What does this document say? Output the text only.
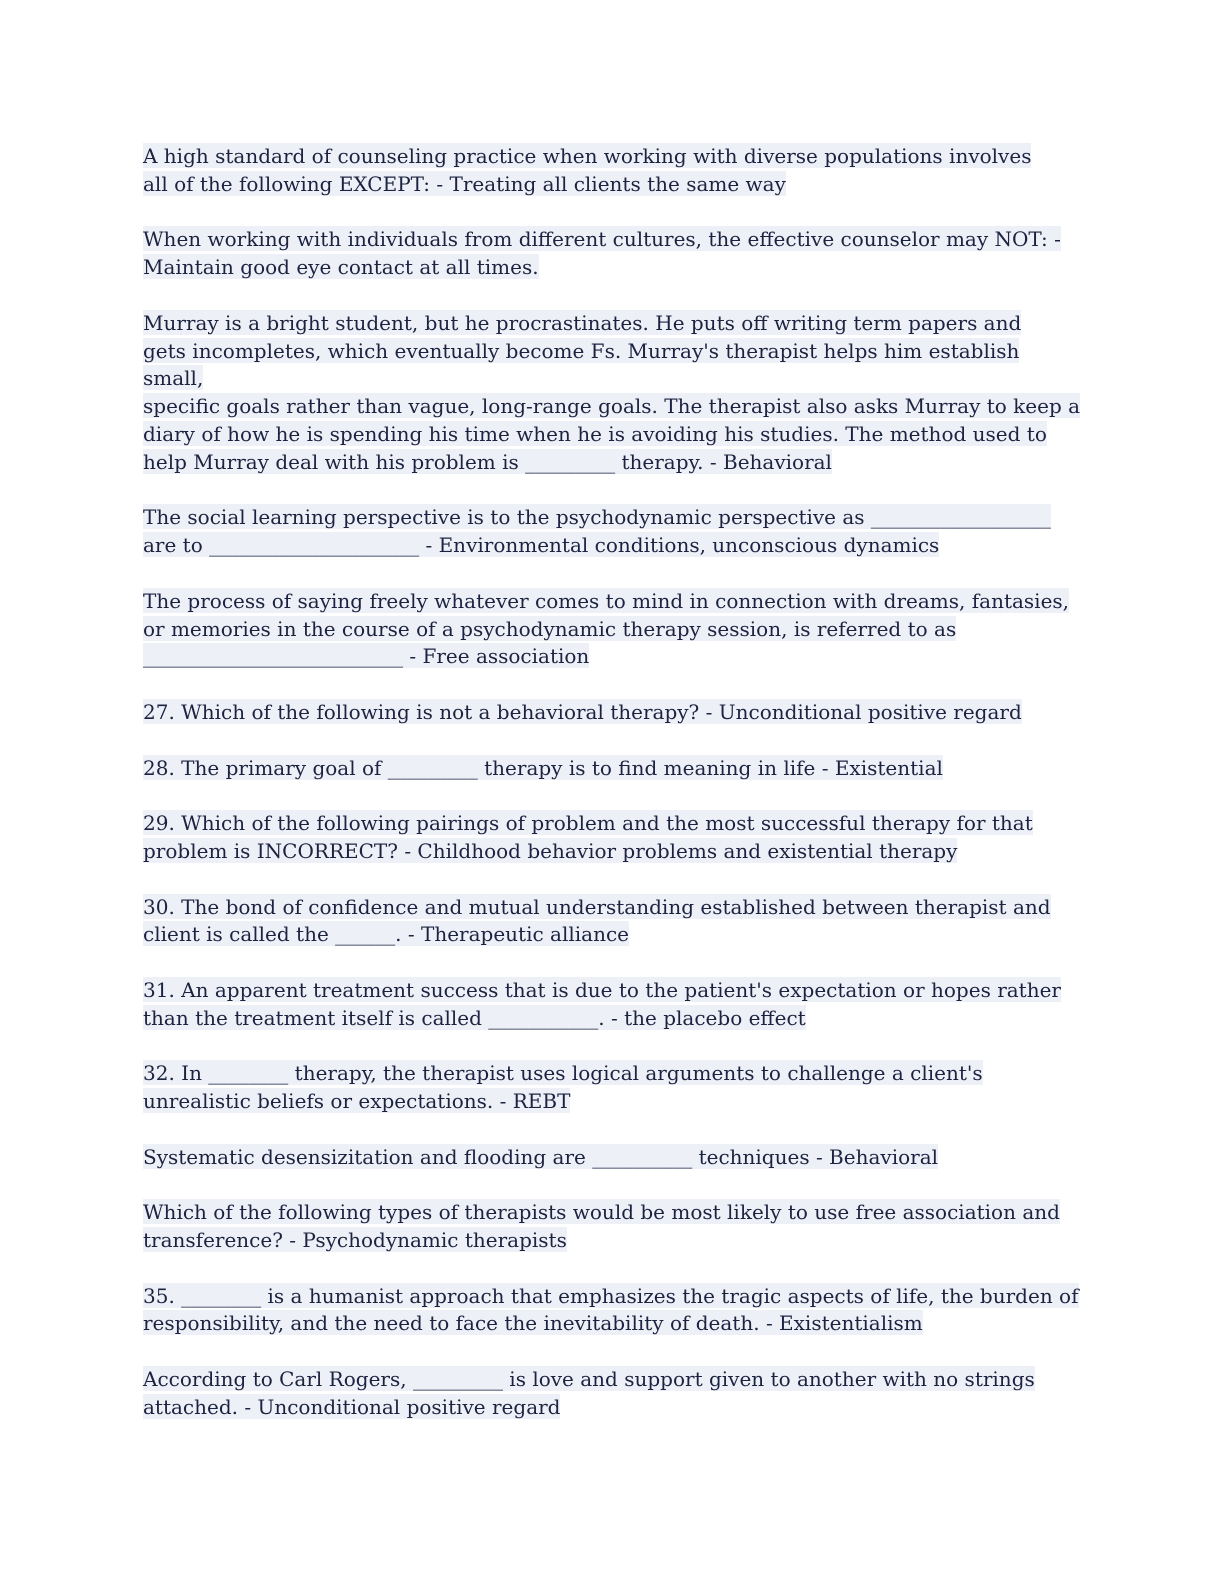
A high standard of counseling practice when working with diverse populations involves
all of the following EXCEPT: - Treating all clients the same way
When working with individuals from different cultures, the effective counselor may NOT: -
Maintain good eye contact at all times.
Murray is a bright student, but he procrastinates. He puts off writing term papers and
gets incompletes, which eventually become Fs. Murray's therapist helps him establish
small,
specific goals rather than vague, long-range goals. The therapist also asks Murray to keep a
diary of how he is spending his time when he is avoiding his studies. The method used to
help Murray deal with his problem is _________ therapy. - Behavioral
The social learning perspective is to the psychodynamic perspective as __________________
are to _____________________ - Environmental conditions, unconscious dynamics
The process of saying freely whatever comes to mind in connection with dreams, fantasies,
or memories in the course of a psychodynamic therapy session, is referred to as
__________________________ - Free association
27. Which of the following is not a behavioral therapy? - Unconditional positive regard
28. The primary goal of _________ therapy is to find meaning in life - Existential
29. Which of the following pairings of problem and the most successful therapy for that
problem is INCORRECT? - Childhood behavior problems and existential therapy
30. The bond of confidence and mutual understanding established between therapist and
client is called the ______. - Therapeutic alliance
31. An apparent treatment success that is due to the patient's expectation or hopes rather
than the treatment itself is called ___________. - the placebo effect
32. In ________ therapy, the therapist uses logical arguments to challenge a client's
unrealistic beliefs or expectations. - REBT
Systematic desensizitation and flooding are __________ techniques - Behavioral
Which of the following types of therapists would be most likely to use free association and
transference? - Psychodynamic therapists
35. ________ is a humanist approach that emphasizes the tragic aspects of life, the burden of
responsibility, and the need to face the inevitability of death. - Existentialism
According to Carl Rogers, _________ is love and support given to another with no strings
attached. - Unconditional positive regard
